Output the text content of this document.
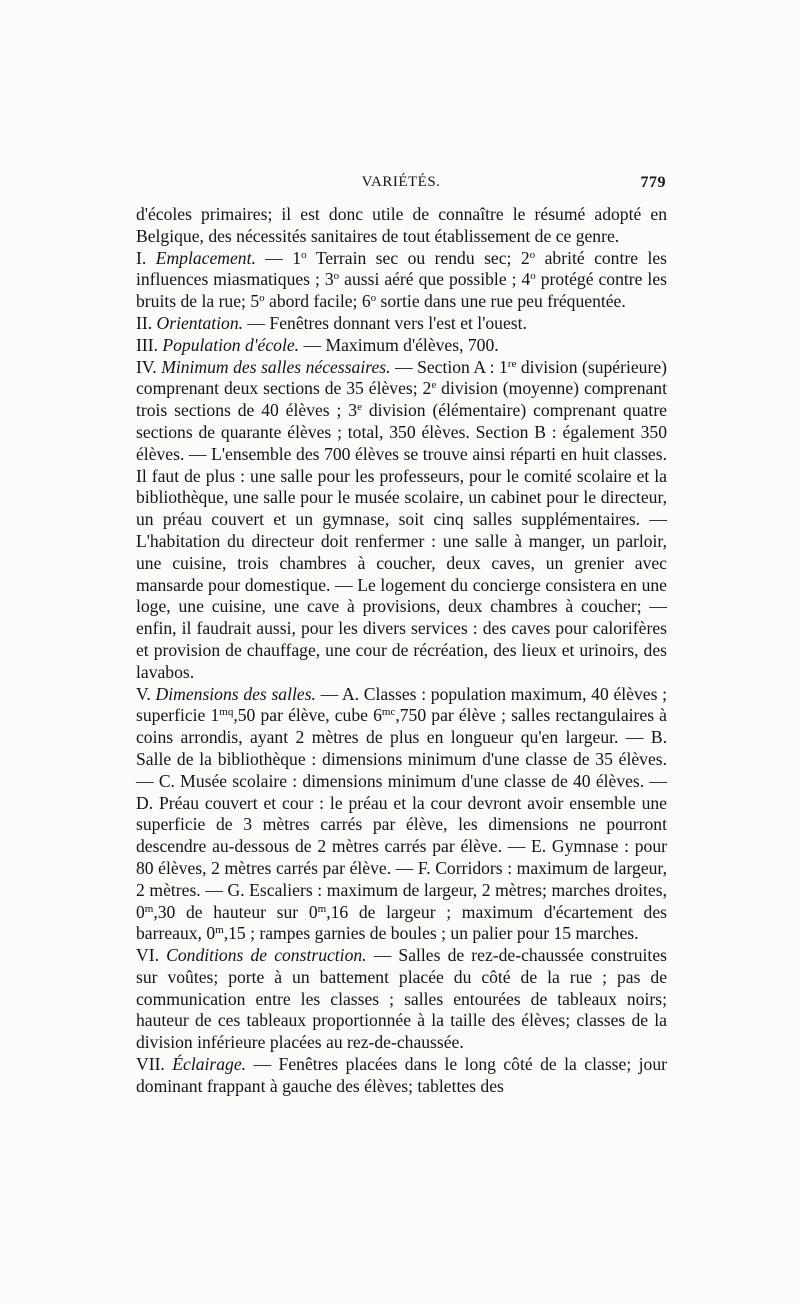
VARIÉTÉS.	779

d'écoles primaires; il est donc utile de connaître le résumé adopté en Belgique, des nécessités sanitaires de tout établissement de ce genre.

I. Emplacement. — 1$^o$ Terrain sec ou rendu sec; 2$^o$ abrité contre les influences miasmatiques ; 3$^o$ aussi aéré que possible ; 4$^o$ protégé contre les bruits de la rue; 5$^o$ abord facile; 6$^o$ sortie dans une rue peu fréquentée.

II. Orientation. — Fenêtres donnant vers l'est et l'ouest.

III. Population d'école. — Maximum d'élèves, 700.

IV. Minimum des salles nécessaires. — Section A : 1re division (supérieure) comprenant deux sections de 35 élèves; 2e division (moyenne) comprenant trois sections de 40 élèves ; 3e division (élémentaire) comprenant quatre sections de quarante élèves ; total, 350 élèves. Section B : également 350 élèves. — L'ensemble des 700 élèves se trouve ainsi réparti en huit classes. Il faut de plus : une salle pour les professeurs, pour le comité scolaire et la bibliothèque, une salle pour le musée scolaire, un cabinet pour le directeur, un préau couvert et un gymnase, soit cinq salles supplémentaires. — L'habitation du directeur doit renfermer : une salle à manger, un parloir, une cuisine, trois chambres à coucher, deux caves, un grenier avec mansarde pour domestique. — Le logement du concierge consistera en une loge, une cuisine, une cave à provisions, deux chambres à coucher; — enfin, il faudrait aussi, pour les divers services : des caves pour calorifères et provision de chauffage, une cour de récréation, des lieux et urinoirs, des lavabos.

V. Dimensions des salles. — A. Classes : population maximum, 40 élèves ; superficie $1^{mq},50$ par élève, cube $6^{mc},750$ par élève ; salles rectangulaires à coins arrondis, ayant 2 mètres de plus en longueur qu'en largeur. — B. Salle de la bibliothèque : dimensions minimum d'une classe de 35 élèves. — C. Musée scolaire : dimensions minimum d'une classe de 40 élèves. — D. Préau couvert et cour : le préau et la cour devront avoir ensemble une superficie de 3 mètres carrés par élève, les dimensions ne pourront descendre au-dessous de 2 mètres carrés par élève. — E. Gymnase : pour 80 élèves, 2 mètres carrés par élève. — F. Corridors : maximum de largeur, 2 mètres. — G. Escaliers : maximum de largeur, 2 mètres; marches droites, 0$^m$,30 de hauteur sur 0$^m$,16 de largeur ; maximum d'écartement des barreaux, 0$^m$,15 ; rampes garnies de boules ; un palier pour 15 marches.

VI. Conditions de construction. — Salles de rez-de-chaussée construites sur voûtes; porte à un battement placée du côté de la rue ; pas de communication entre les classes ; salles entourées de tableaux noirs; hauteur de ces tableaux proportionnée à la taille des élèves; classes de la division inférieure placées au rez-de-chaussée.

VII. Éclairage. — Fenêtres placées dans le long côté de la classe; jour dominant frappant à gauche des élèves; tablettes des
